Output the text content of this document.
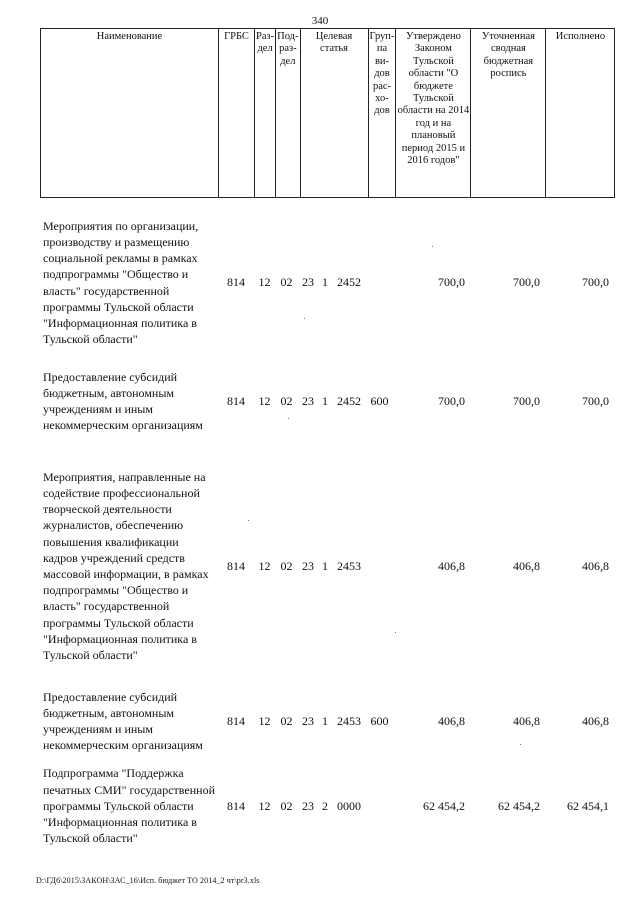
340
Наименование	ГРБС	Раз-дел	Под-раз-дел	Целевая статья	Груп-па ви-дов рас-хо-дов	Утверждено Законом Тульской области "О бюджете Тульской области на 2014 год и на плановый период 2015 и 2016 годов"	Уточненная сводная бюджетная роспись	Исполнено
Мероприятия по организации, производству и размещению социальной рекламы в рамках подпрограммы "Общество и власть" государственной программы Тульской области "Информационная политика в Тульской области"	814	12	02	23	1	2452		700,0	700,0	700,0
Предоставление субсидий бюджетным, автономным учреждениям и иным некоммерческим организациям	814	12	02	23	1	2452	600	700,0	700,0	700,0
Мероприятия, направленные на содействие профессиональной творческой деятельности журналистов, обеспечению повышения квалификации кадров учреждений средств массовой информации, в рамках подпрограммы "Общество и власть" государственной программы Тульской области "Информационная политика в Тульской области"	814	12	02	23	1	2453		406,8	406,8	406,8
Предоставление субсидий бюджетным, автономным учреждениям и иным некоммерческим организациям	814	12	02	23	1	2453	600	406,8	406,8	406,8
Подпрограмма "Поддержка печатных СМИ" государственной программы Тульской области "Информационная политика в Тульской области"	814	12	02	23	2	0000		62 454,2	62 454,2	62 454,1
D:\ГД6\2015\ЗАКОН\ЗАС_16\Исп. бюджет ТО 2014_2 чт\pr3.xls
